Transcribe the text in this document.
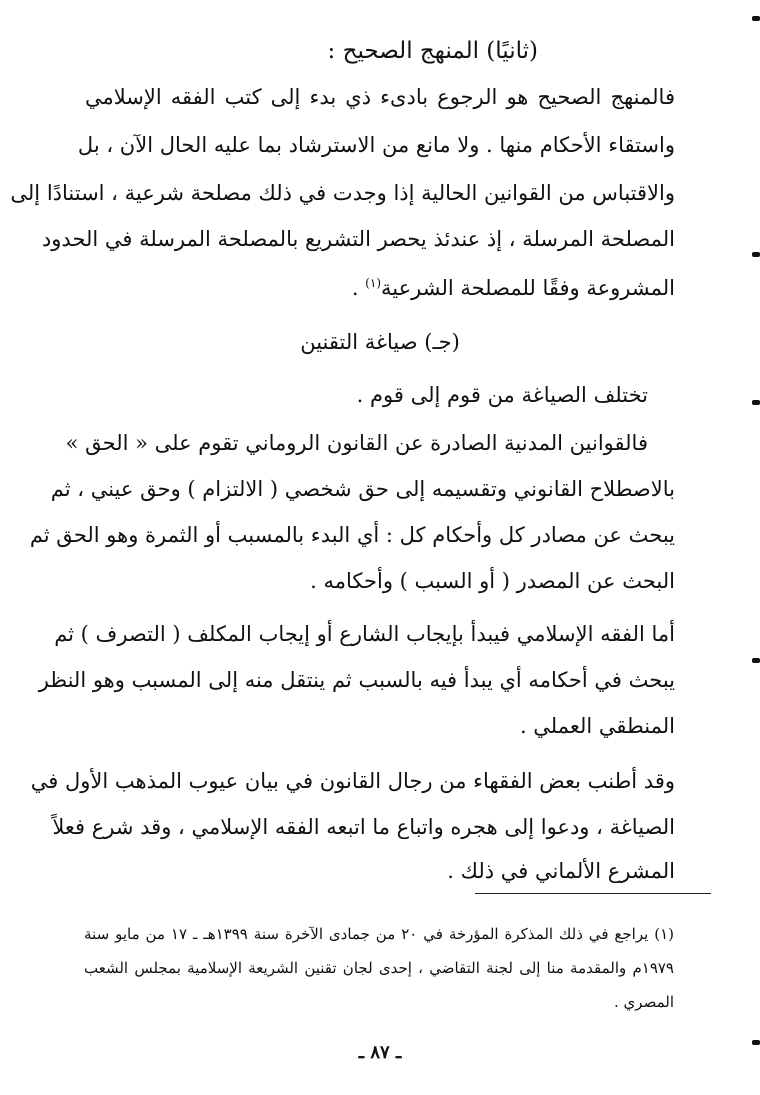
(ثانيًا) المنهج الصحيح :
فالمنهج الصحيح هو الرجوع بادىء ذي بدء إلى كتب الفقه الإسلامي
واستقاء الأحكام منها . ولا مانع من الاسترشاد بما عليه الحال الآن ، بل
والاقتباس من القوانين الحالية إذا وجدت في ذلك مصلحة شرعية ، استنادًا إلى
المصلحة المرسلة ، إذ عندئذ يحصر التشريع بالمصلحة المرسلة في الحدود
المشروعة وفقًا للمصلحة الشرعية$^{(١)}$ .
(جـ) صياغة التقنين
تختلف الصياغة من قوم إلى قوم .
فالقوانين المدنية الصادرة عن القانون الروماني تقوم على « الحق »
بالاصطلاح القانوني وتقسيمه إلى حق شخصي ( الالتزام ) وحق عيني ، ثم
يبحث عن مصادر كل وأحكام كل : أي البدء بالمسبب أو الثمرة وهو الحق ثم
البحث عن المصدر ( أو السبب ) وأحكامه .
أما الفقه الإسلامي فيبدأ بإيجاب الشارع أو إيجاب المكلف ( التصرف ) ثم
يبحث في أحكامه أي يبدأ فيه بالسبب ثم ينتقل منه إلى المسبب وهو النظر
المنطقي العملي .
وقد أطنب بعض الفقهاء من رجال القانون في بيان عيوب المذهب الأول في
الصياغة ، ودعوا إلى هجره واتباع ما اتبعه الفقه الإسلامي ، وقد شرع فعلاً
المشرع الألماني في ذلك .
(١) يراجع في ذلك المذكرة المؤرخة في ٢٠ من جمادى الآخرة سنة ١٣٩٩هـ ـ ١٧ من مايو سنة
١٩٧٩م والمقدمة منا إلى لجنة التقاضي ، إحدى لجان تقنين الشريعة الإسلامية بمجلس الشعب
المصري .
ـ ٨٧ ـ
